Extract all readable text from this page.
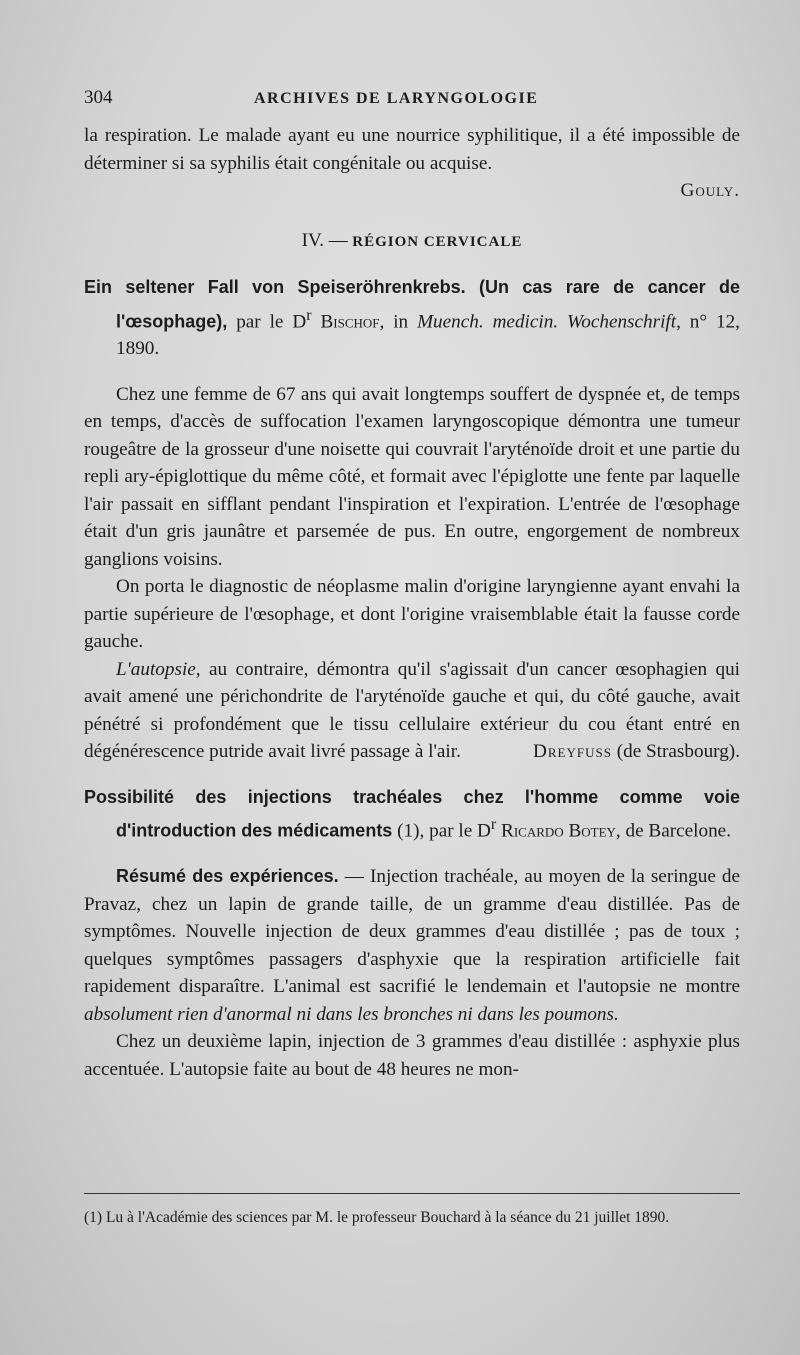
304	ARCHIVES DE LARYNGOLOGIE

la respiration. Le malade ayant eu une nourrice syphilitique, il a été impossible de déterminer si sa syphilis était congénitale ou acquise.

Gouly.

IV. — RÉGION CERVICALE

Ein seltener Fall von Speiseröhrenkrebs. (Un cas rare de cancer de l'œsophage), par le $D^r$ Bischof, in Muench. medicin. Wochenschrift, n° 12, 1890.

Chez une femme de 67 ans qui avait longtemps souffert de dyspnée et, de temps en temps, d'accès de suffocation l'examen laryngoscopique démontra une tumeur rougeâtre de la grosseur d'une noisette qui couvrait l'aryténoïde droit et une partie du repli ary-épiglottique du même côté, et formait avec l'épiglotte une fente par laquelle l'air passait en sifflant pendant l'inspiration et l'expiration. L'entrée de l'œsophage était d'un gris jaunâtre et parsemée de pus. En outre, engorgement de nombreux ganglions voisins.

On porta le diagnostic de néoplasme malin d'origine laryngienne ayant envahi la partie supérieure de l'œsophage, et dont l'origine vraisemblable était la fausse corde gauche.

L'autopsie, au contraire, démontra qu'il s'agissait d'un cancer œsophagien qui avait amené une périchondrite de l'aryténoïde gauche et qui, du côté gauche, avait pénétré si profondément que le tissu cellulaire extérieur du cou étant entré en dégénérescence putride avait livré passage à l'air.	Dreyfuss (de Strasbourg).

Possibilité des injections trachéales chez l'homme comme voie d'introduction des médicaments (1), par le $D^r$ Ricardo Botey, de Barcelone.

Résumé des expériences. — Injection trachéale, au moyen de la seringue de Pravaz, chez un lapin de grande taille, de un gramme d'eau distillée. Pas de symptômes. Nouvelle injection de deux grammes d'eau distillée ; pas de toux ; quelques symptômes passagers d'asphyxie que la respiration artificielle fait rapidement disparaître. L'animal est sacrifié le lendemain et l'autopsie ne montre absolument rien d'anormal ni dans les bronches ni dans les poumons.

Chez un deuxième lapin, injection de 3 grammes d'eau distillée : asphyxie plus accentuée. L'autopsie faite au bout de 48 heures ne mon-

(1) Lu à l'Académie des sciences par M. le professeur Bouchard à la séance du 21 juillet 1890.
